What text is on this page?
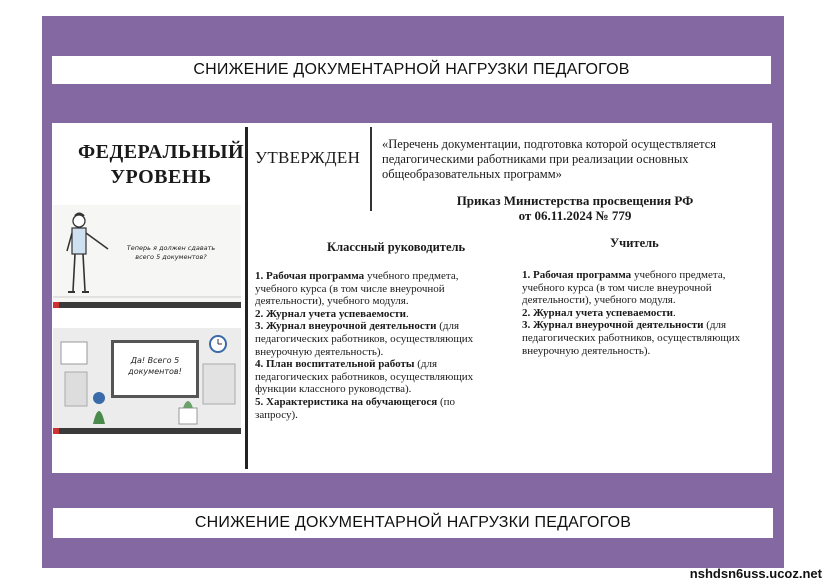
СНИЖЕНИЕ ДОКУМЕНТАРНОЙ НАГРУЗКИ ПЕДАГОГОВ
ФЕДЕРАЛЬНЫЙ УРОВЕНЬ
Теперь я должен сдавать всего 5 документов?
Да! Всего 5 документов!
УТВЕРЖДЕН
«Перечень документации, подготовка которой осуществляется педагогическими работниками при реализации основных общеобразовательных программ»
Приказ Министерства просвещения РФ
от 06.11.2024 № 779
Классный руководитель

1. Рабочая программа учебного предмета, учебного курса (в том числе внеурочной деятельности), учебного модуля.

2. Журнал учета успеваемости.

3. Журнал внеурочной деятельности (для педагогических работников, осуществляющих внеурочную деятельность).

4. План воспитательной работы (для педагогических работников, осуществляющих функции классного руководства).

5. Характеристика на обучающегося (по запросу).

Учитель

1. Рабочая программа учебного предмета, учебного курса (в том числе внеурочной деятельности), учебного модуля.

2. Журнал учета успеваемости.

3. Журнал внеурочной деятельности (для педагогических работников, осуществляющих внеурочную деятельность).

СНИЖЕНИЕ ДОКУМЕНТАРНОЙ НАГРУЗКИ ПЕДАГОГОВ
nshdsn6uss.ucoz.net
